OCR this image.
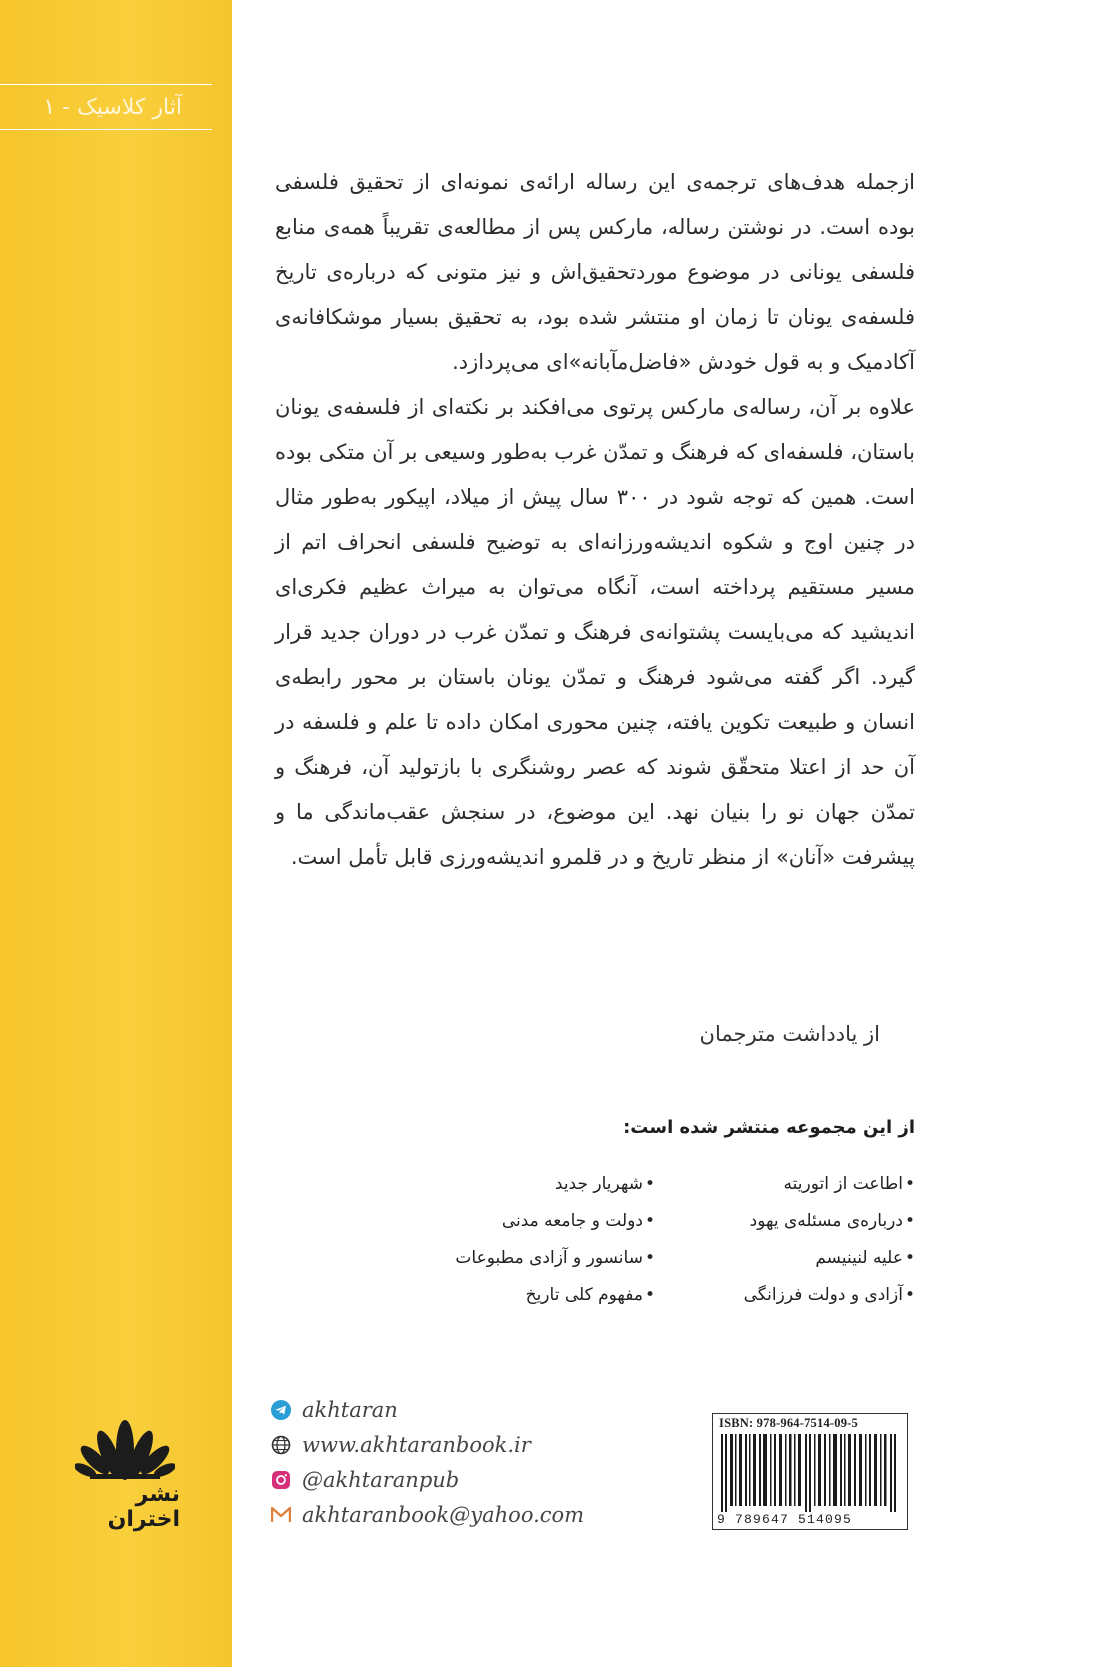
آثار کلاسیک - ۱
نشر اختران

ازجمله هدف‌های ترجمه‌ی این رساله ارائه‌ی نمونه‌ای از تحقیق فلسفی بوده است. در نوشتن رساله، مارکس پس از مطالعه‌ی تقریباً همه‌ی منابع فلسفی یونانی در موضوع موردتحقیق‌اش و نیز متونی که درباره‌ی تاریخ فلسفه‌ی یونان تا زمان او منتشر شده بود، به تحقیق بسیار موشکافانه‌ی آکادمیک و به قول خودش «فاضل‌مآبانه»ای می‌پردازد.

علاوه بر آن، رساله‌ی مارکس پرتوی می‌افکند بر نکته‌ای از فلسفه‌ی یونان باستان، فلسفه‌ای که فرهنگ و تمدّن غرب به‌طور وسیعی بر آن متکی بوده است. همین که توجه شود در ۳۰۰ سال پیش از میلاد، اپیکور به‌طور مثال در چنین اوج و شکوه اندیشه‌ورزانه‌ای به توضیح فلسفی انحراف اتم از مسیر مستقیم پرداخته است، آنگاه می‌توان به میراث عظیم فکری‌ای اندیشید که می‌بایست پشتوانه‌ی فرهنگ و تمدّن غرب در دوران جدید قرار گیرد. اگر گفته می‌شود فرهنگ و تمدّن یونان باستان بر محور رابطه‌ی انسان و طبیعت تکوین یافته، چنین محوری امکان داده تا علم و فلسفه در آن حد از اعتلا متحقّق شوند که عصر روشنگری با بازتولید آن، فرهنگ و تمدّن جهان نو را بنیان نهد. این موضوع، در سنجش عقب‌ماندگی ما و پیشرفت «آنان» از منظر تاریخ و در قلمرو اندیشه‌ورزی قابل تأمل است.

از یادداشت مترجمان
از این مجموعه منتشر شده است:
•اطاعت از اتوریته
•درباره‌ی مسئله‌ی یهود
•علیه لنینیسم
•آزادی و دولت فرزانگی
•شهریار جدید
•دولت و جامعه مدنی
•سانسور و آزادی مطبوعات
•مفهوم کلی تاریخ
akhtaran
www.akhtaranbook.ir
@akhtaranpub
akhtaranbook@yahoo.com
ISBN: 978-964-7514-09-5
9 789647 514095
